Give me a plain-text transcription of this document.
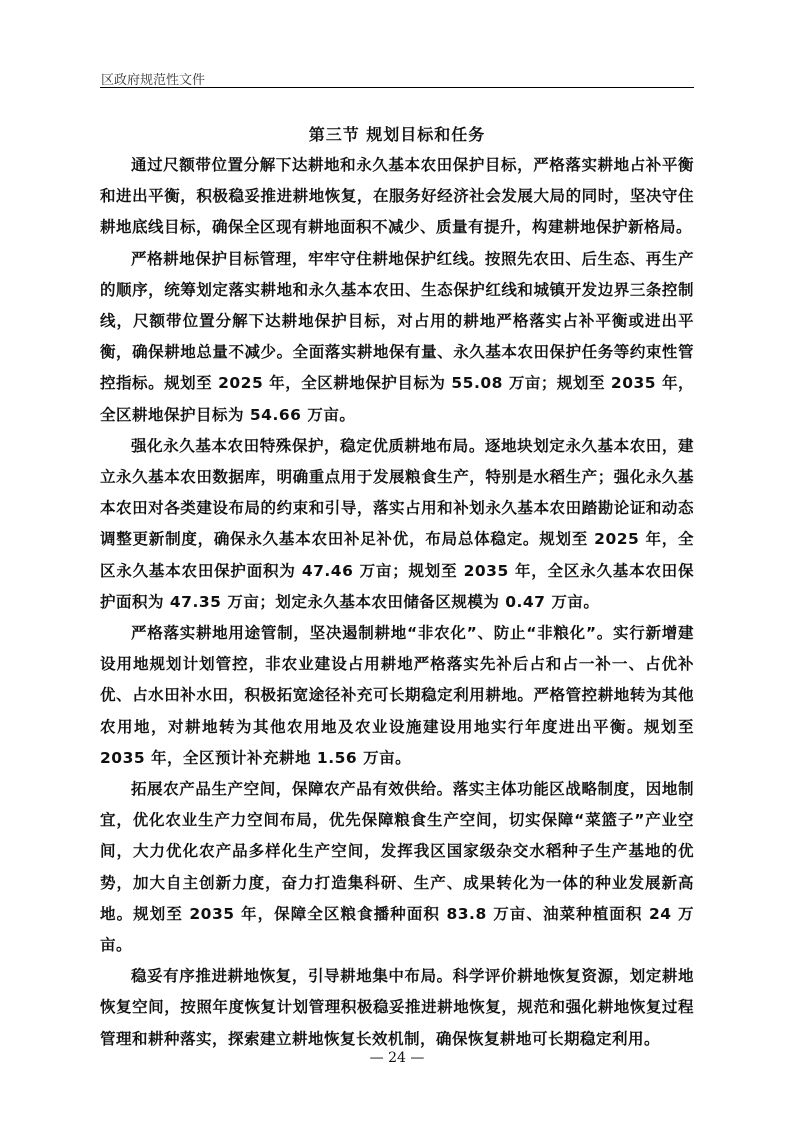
区政府规范性文件
第三节 规划目标和任务

通过尺额带位置分解下达耕地和永久基本农田保护目标，严格落实耕地占补平衡和进出平衡，积极稳妥推进耕地恢复，在服务好经济社会发展大局的同时，坚决守住耕地底线目标，确保全区现有耕地面积不减少、质量有提升，构建耕地保护新格局。

严格耕地保护目标管理，牢牢守住耕地保护红线。按照先农田、后生态、再生产的顺序，统筹划定落实耕地和永久基本农田、生态保护红线和城镇开发边界三条控制线，尺额带位置分解下达耕地保护目标，对占用的耕地严格落实占补平衡或进出平衡，确保耕地总量不减少。全面落实耕地保有量、永久基本农田保护任务等约束性管控指标。规划至 2025 年，全区耕地保护目标为 55.08 万亩；规划至 2035 年，全区耕地保护目标为 54.66 万亩。

强化永久基本农田特殊保护，稳定优质耕地布局。逐地块划定永久基本农田，建立永久基本农田数据库，明确重点用于发展粮食生产，特别是水稻生产；强化永久基本农田对各类建设布局的约束和引导，落实占用和补划永久基本农田踏勘论证和动态调整更新制度，确保永久基本农田补足补优，布局总体稳定。规划至 2025 年，全区永久基本农田保护面积为 47.46 万亩；规划至 2035 年，全区永久基本农田保护面积为 47.35 万亩；划定永久基本农田储备区规模为 0.47 万亩。

严格落实耕地用途管制，坚决遏制耕地“非农化”、防止“非粮化”。实行新增建设用地规划计划管控，非农业建设占用耕地严格落实先补后占和占一补一、占优补优、占水田补水田，积极拓宽途径补充可长期稳定利用耕地。严格管控耕地转为其他农用地，对耕地转为其他农用地及农业设施建设用地实行年度进出平衡。规划至 2035 年，全区预计补充耕地 1.56 万亩。

拓展农产品生产空间，保障农产品有效供给。落实主体功能区战略制度，因地制宜，优化农业生产力空间布局，优先保障粮食生产空间，切实保障“菜篮子”产业空间，大力优化农产品多样化生产空间，发挥我区国家级杂交水稻种子生产基地的优势，加大自主创新力度，奋力打造集科研、生产、成果转化为一体的种业发展新高地。规划至 2035 年，保障全区粮食播种面积 83.8 万亩、油菜种植面积 24 万亩。

稳妥有序推进耕地恢复，引导耕地集中布局。科学评价耕地恢复资源，划定耕地恢复空间，按照年度恢复计划管理积极稳妥推进耕地恢复，规范和强化耕地恢复过程管理和耕种落实，探索建立耕地恢复长效机制，确保恢复耕地可长期稳定利用。

— 24 —
